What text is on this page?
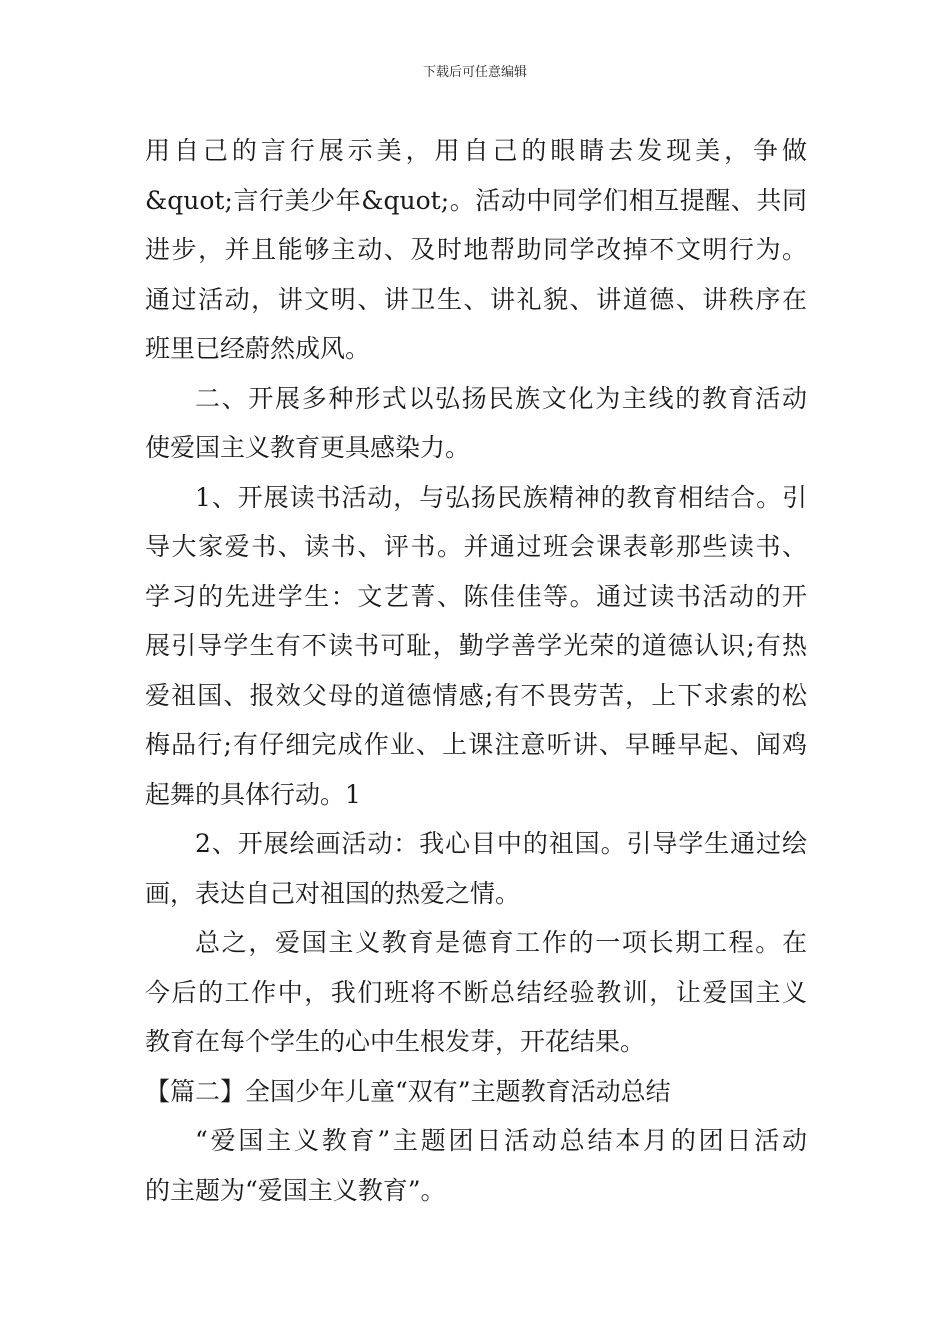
下载后可任意编辑
用自己的言行展示美，用自己的眼睛去发现美，争做
&quot;言行美少年&quot;。活动中同学们相互提醒、共同
进步，并且能够主动、及时地帮助同学改掉不文明行为。
通过活动，讲文明、讲卫生、讲礼貌、讲道德、讲秩序在
班里已经蔚然成风。
二、开展多种形式以弘扬民族文化为主线的教育活动
使爱国主义教育更具感染力。
1、开展读书活动，与弘扬民族精神的教育相结合。引
导大家爱书、读书、评书。并通过班会课表彰那些读书、
学习的先进学生：文艺菁、陈佳佳等。通过读书活动的开
展引导学生有不读书可耻，勤学善学光荣的道德认识;有热
爱祖国、报效父母的道德情感;有不畏劳苦，上下求索的松
梅品行;有仔细完成作业、上课注意听讲、早睡早起、闻鸡
起舞的具体行动。1
2、开展绘画活动：我心目中的祖国。引导学生通过绘
画，表达自己对祖国的热爱之情。
总之，爱国主义教育是德育工作的一项长期工程。在
今后的工作中，我们班将不断总结经验教训，让爱国主义
教育在每个学生的心中生根发芽，开花结果。
【篇二】全国少年儿童“双有”主题教育活动总结
“爱国主义教育”主题团日活动总结本月的团日活动
的主题为“爱国主义教育”。
